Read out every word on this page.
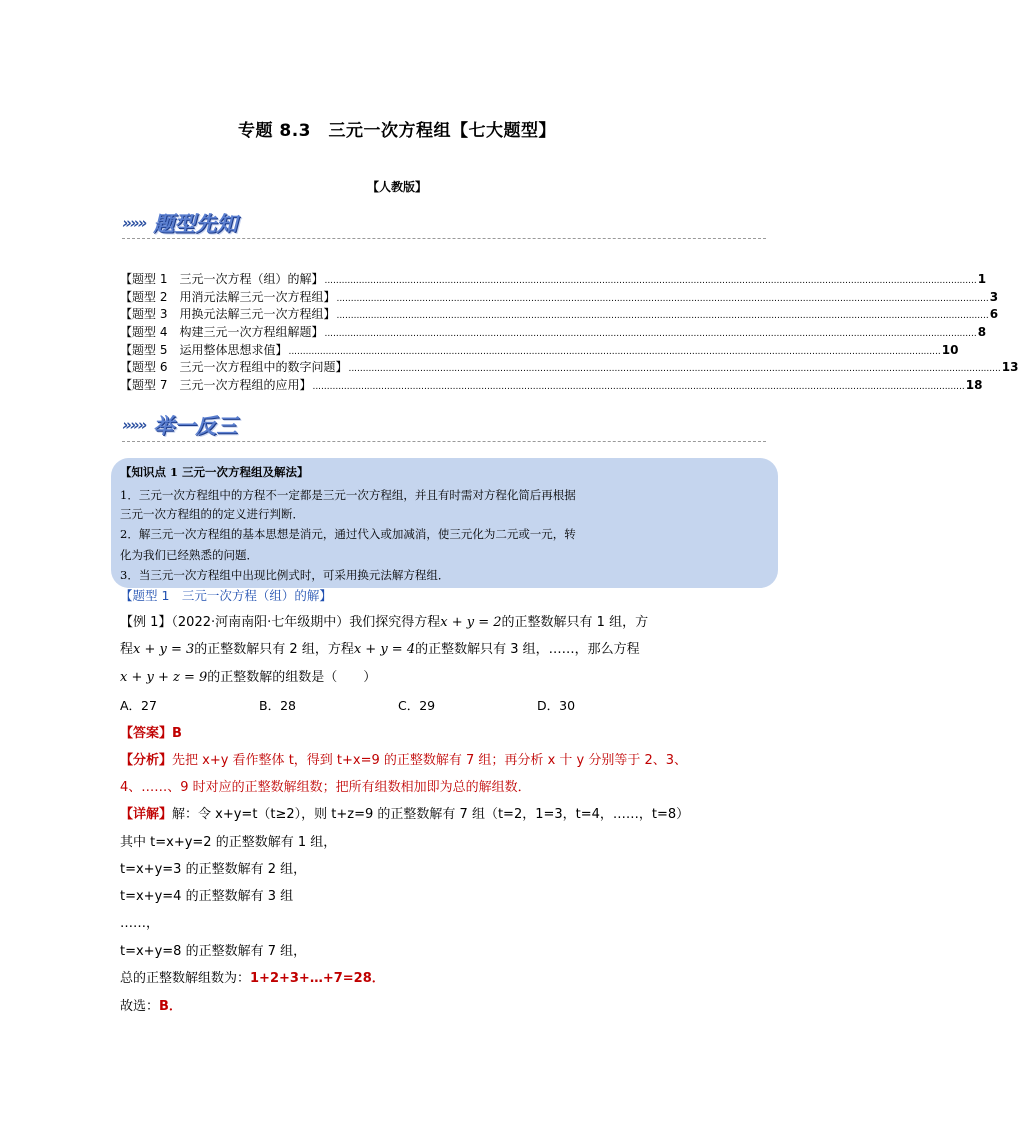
专题 8.3　三元一次方程组【七大题型】
【人教版】
»»» 题型先知
【题型 1　三元一次方程（组）的解】 .................................................................................................................................................................................................................................... 1
【题型 2　用消元法解三元一次方程组】 .................................................................................................................................................................................................................................... 3
【题型 3　用换元法解三元一次方程组】 .................................................................................................................................................................................................................................... 6
【题型 4　构建三元一次方程组解题】 .................................................................................................................................................................................................................................... 8
【题型 5　运用整体思想求值】 .................................................................................................................................................................................................................................... 10
【题型 6　三元一次方程组中的数字问题】 .................................................................................................................................................................................................................................... 13
【题型 7　三元一次方程组的应用】 .................................................................................................................................................................................................................................... 18
»»» 举一反三
【知识点 1 三元一次方程组及解法】
1．三元一次方程组中的方程不一定都是三元一次方程组，并且有时需对方程化简后再根据
三元一次方程组的的定义进行判断．
2．解三元一次方程组的基本思想是消元，通过代入或加减消，使三元化为二元或一元，转
化为我们已经熟悉的问题．
3．当三元一次方程组中出现比例式时，可采用换元法解方程组．
【题型 1　三元一次方程（组）的解】
【例 1】（2022·河南南阳·七年级期中）我们探究得方程x + y = 2的正整数解只有 1 组，方
程x + y = 3的正整数解只有 2 组，方程x + y = 4的正整数解只有 3 组，……，那么方程
x + y + z = 9的正整数解的组数是（　　）
A．27	B．28	C．29	D．30
【答案】B
【分析】先把 x+y 看作整体 t，得到 t+x=9 的正整数解有 7 组；再分析 x 十 y 分别等于 2、3、
4、……、9 时对应的正整数解组数；把所有组数相加即为总的解组数．
【详解】解：令 x+y=t（t≥2），则 t+z=9 的正整数解有 7 组（t=2，1=3，t=4，……，t=8）
其中 t=x+y=2 的正整数解有 1 组，
t=x+y=3 的正整数解有 2 组，
t=x+y=4 的正整数解有 3 组
……，
t=x+y=8 的正整数解有 7 组，
总的正整数解组数为：1+2+3+…+7=28．
故选：B．
